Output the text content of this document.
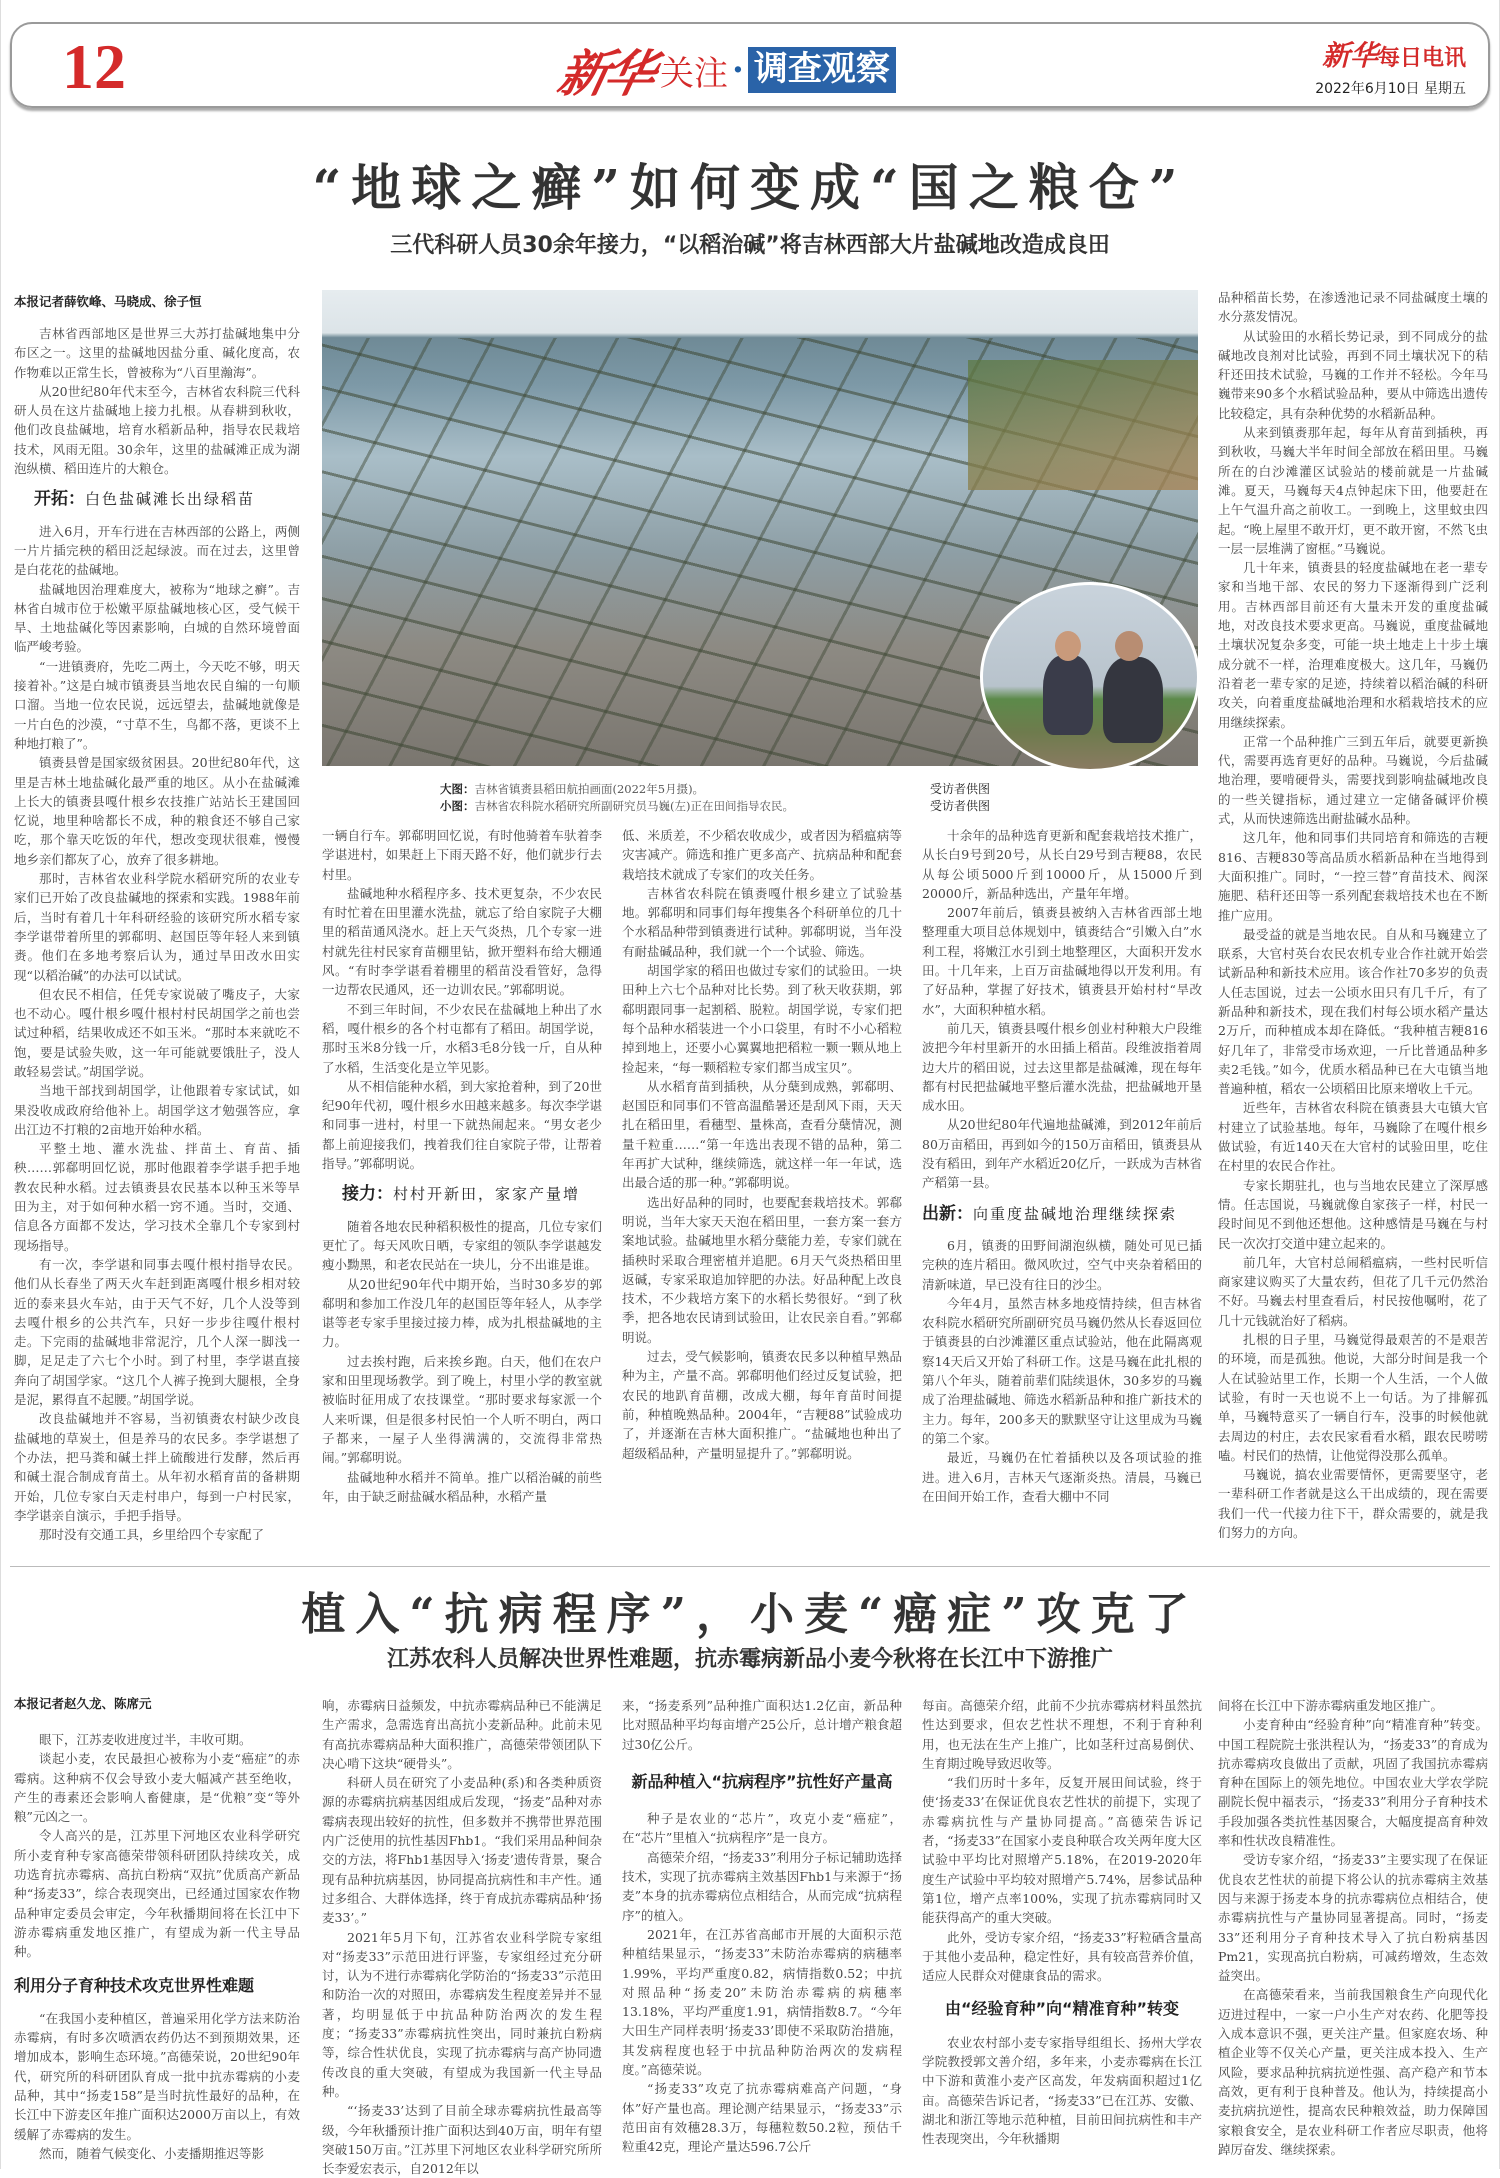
12	新华 关注 · 调查观察	新华每日电讯
2022年6月10日 星期五
“地球之癣”如何变成“国之粮仓”
三代科研人员30余年接力，“以稻治碱”将吉林西部大片盐碱地改造成良田
本报记者薛钦峰、马晓成、徐子恒

吉林省西部地区是世界三大苏打盐碱地集中分布区之一。这里的盐碱地因盐分重、碱化度高，农作物难以正常生长，曾被称为“八百里瀚海”。

从20世纪80年代末至今，吉林省农科院三代科研人员在这片盐碱地上接力扎根。从春耕到秋收，他们改良盐碱地，培育水稻新品种，指导农民栽培技术，风雨无阻。30余年，这里的盐碱滩正成为湖泡纵横、稻田连片的大粮仓。

开拓：白色盐碱滩长出绿稻苗

进入6月，开车行进在吉林西部的公路上，两侧一片片插完秧的稻田泛起绿波。而在过去，这里曾是白花花的盐碱地。

盐碱地因治理难度大，被称为“地球之癣”。吉林省白城市位于松嫩平原盐碱地核心区，受气候干旱、土地盐碱化等因素影响，白城的自然环境曾面临严峻考验。

“一进镇赉府，先吃二两土，今天吃不够，明天接着补。”这是白城市镇赉县当地农民自编的一句顺口溜。当地一位农民说，远远望去，盐碱地就像是一片白色的沙漠，“寸草不生，鸟都不落，更谈不上种地打粮了”。

镇赉县曾是国家级贫困县。20世纪80年代，这里是吉林土地盐碱化最严重的地区。从小在盐碱滩上长大的镇赉县嘎什根乡农技推广站站长王建国回忆说，地里种啥都长不成，种的粮食还不够自己家吃，那个靠天吃饭的年代，想改变现状很难，慢慢地乡亲们都灰了心，放弃了很多耕地。

那时，吉林省农业科学院水稻研究所的农业专家们已开始了改良盐碱地的探索和实践。1988年前后，当时有着几十年科研经验的该研究所水稻专家李学谌带着所里的郭郗明、赵国臣等年轻人来到镇赉。他们在多地考察后认为，通过旱田改水田实现“以稻治碱”的办法可以试试。

但农民不相信，任凭专家说破了嘴皮子，大家也不动心。嘎什根乡嘎什根村村民胡国学之前也尝试过种稻，结果收成还不如玉米。“那时本来就吃不饱，要是试验失败，这一年可能就要饿肚子，没人敢轻易尝试。”胡国学说。

当地干部找到胡国学，让他跟着专家试试，如果没收成政府给他补上。胡国学这才勉强答应，拿出江边不打粮的2亩地开始种水稻。

平整土地、灌水洗盐、拌苗土、育苗、插秧……郭郗明回忆说，那时他跟着李学谌手把手地教农民种水稻。过去镇赉县农民基本以种玉米等旱田为主，对于如何种水稻一窍不通。当时，交通、信息各方面都不发达，学习技术全靠几个专家到村现场指导。

有一次，李学谌和同事去嘎什根村指导农民。他们从长春坐了两天火车赶到距离嘎什根乡相对较近的泰来县火车站，由于天气不好，几个人没等到去嘎什根乡的公共汽车，只好一步步往嘎什根村走。下完雨的盐碱地非常泥泞，几个人深一脚浅一脚，足足走了六七个小时。到了村里，李学谌直接奔向了胡国学家。“这几个人裤子挽到大腿根，全身是泥，累得直不起腰。”胡国学说。

改良盐碱地并不容易，当初镇赉农村缺少改良盐碱地的草炭土，但是养马的农民多。李学谌想了个办法，把马粪和碱土拌上硫酸进行发酵，然后再和碱土混合制成育苗土。从年初水稻育苗的备耕期开始，几位专家白天走村串户，每到一户村民家，李学谌亲自演示，手把手指导。

那时没有交通工具，乡里给四个专家配了

大图：吉林省镇赉县稻田航拍画面(2022年5月摄)。
小图：吉林省农科院水稻研究所副研究员马巍(左)正在田间指导农民。
受访者供图
受访者供图

一辆自行车。郭郗明回忆说，有时他骑着车驮着李学谌进村，如果赶上下雨天路不好，他们就步行去村里。

盐碱地种水稻程序多、技术更复杂，不少农民有时忙着在田里灌水洗盐，就忘了给自家院子大棚里的稻苗通风浇水。赶上天气炎热，几个专家一进村就先往村民家育苗棚里钻，掀开塑料布给大棚通风。“有时李学谌看着棚里的稻苗没看管好，急得一边帮农民通风，还一边训农民。”郭郗明说。

不到三年时间，不少农民在盐碱地上种出了水稻，嘎什根乡的各个村屯都有了稻田。胡国学说，那时玉米8分钱一斤，水稻3毛8分钱一斤，自从种了水稻，生活变化是立竿见影。

从不相信能种水稻，到大家抢着种，到了20世纪90年代初，嘎什根乡水田越来越多。每次李学谌和同事一进村，村里一下就热闹起来。“男女老少都上前迎接我们，拽着我们往自家院子带，让帮着指导。”郭郗明说。

接力：村村开新田，家家产量增

随着各地农民种稻积极性的提高，几位专家们更忙了。每天风吹日晒，专家组的领队李学谌越发瘦小黝黑，和老农民站在一块儿，分不出谁是谁。

从20世纪90年代中期开始，当时30多岁的郭郗明和参加工作没几年的赵国臣等年轻人，从李学谌等老专家手里接过接力棒，成为扎根盐碱地的主力。

过去挨村跑，后来挨乡跑。白天，他们在农户家和田里现场教学。到了晚上，村里小学的教室就被临时征用成了农技课堂。“那时要求每家派一个人来听课，但是很多村民怕一个人听不明白，两口子都来，一屋子人坐得满满的，交流得非常热闹。”郭郗明说。

盐碱地种水稻并不简单。推广以稻治碱的前些年，由于缺乏耐盐碱水稻品种，水稻产量

低、米质差，不少稻农收成少，或者因为稻瘟病等灾害减产。筛选和推广更多高产、抗病品种和配套栽培技术就成了专家们的攻关任务。

吉林省农科院在镇赉嘎什根乡建立了试验基地。郭郗明和同事们每年搜集各个科研单位的几十个水稻品种带到镇赉进行试种。郭郗明说，当年没有耐盐碱品种，我们就一个一个试验、筛选。

胡国学家的稻田也做过专家们的试验田。一块田种上六七个品种对比长势。到了秋天收获期，郭郗明跟同事一起割稻、脱粒。胡国学说，专家们把每个品种水稻装进一个小口袋里，有时不小心稻粒掉到地上，还要小心翼翼地把稻粒一颗一颗从地上捡起来，“每一颗稻粒专家们都当成宝贝”。

从水稻育苗到插秧，从分蘖到成熟，郭郗明、赵国臣和同事们不管高温酷暑还是刮风下雨，天天扎在稻田里，看穗型、量株高，查看分蘖情况，测量千粒重……“第一年选出表现不错的品种，第二年再扩大试种，继续筛选，就这样一年一年试，选出最合适的那一种。”郭郗明说。

选出好品种的同时，也要配套栽培技术。郭郗明说，当年大家天天泡在稻田里，一套方案一套方案地试验。盐碱地里水稻分蘖能力差，专家们就在插秧时采取合理密植并追肥。6月天气炎热稻田里返碱，专家采取追加锌肥的办法。好品种配上改良技术，不少栽培方案下的水稻长势很好。“到了秋季，把各地农民请到试验田，让农民亲自看。”郭郗明说。

过去，受气候影响，镇赉农民多以种植早熟品种为主，产量不高。郭郗明他们经过反复试验，把农民的地趴育苗棚，改成大棚，每年育苗时间提前，种植晚熟品种。2004年，“吉粳88”试验成功了，并逐渐在吉林大面积推广。“盐碱地也种出了超级稻品种，产量明显提升了。”郭郗明说。

十余年的品种选育更新和配套栽培技术推广，从长白9号到20号，从长白29号到吉粳88，农民从每公顷5000斤到10000斤，从15000斤到20000斤，新品种选出，产量年年增。

2007年前后，镇赉县被纳入吉林省西部土地整理重大项目总体规划中，镇赉结合“引嫩入白”水利工程，将嫩江水引到土地整理区，大面积开发水田。十几年来，上百万亩盐碱地得以开发利用。有了好品种，掌握了好技术，镇赉县开始村村“旱改水”，大面积种植水稻。

前几天，镇赉县嘎什根乡创业村种粮大户段维波把今年村里新开的水田插上稻苗。段维波指着周边大片的稻田说，过去这里都是盐碱滩，现在每年都有村民把盐碱地平整后灌水洗盐，把盐碱地开垦成水田。

从20世纪80年代遍地盐碱滩，到2012年前后80万亩稻田，再到如今的150万亩稻田，镇赉县从没有稻田，到年产水稻近20亿斤，一跃成为吉林省产稻第一县。

出新：向重度盐碱地治理继续探索

6月，镇赉的田野间湖泡纵横，随处可见已插完秧的连片稻田。微风吹过，空气中夹杂着稻田的清新味道，早已没有往日的沙尘。

今年4月，虽然吉林多地疫情持续，但吉林省农科院水稻研究所副研究员马巍仍然从长春返回位于镇赉县的白沙滩灌区重点试验站，他在此隔离观察14天后又开始了科研工作。这是马巍在此扎根的第八个年头，随着前辈们陆续退休，30多岁的马巍成了治理盐碱地、筛选水稻新品种和推广新技术的主力。每年，200多天的默默坚守让这里成为马巍的第二个家。

最近，马巍仍在忙着插秧以及各项试验的推进。进入6月，吉林天气逐渐炎热。清晨，马巍已在田间开始工作，查看大棚中不同

品种稻苗长势，在渗透池记录不同盐碱度土壤的水分蒸发情况。

从试验田的水稻长势记录，到不同成分的盐碱地改良剂对比试验，再到不同土壤状况下的秸秆还田技术试验，马巍的工作并不轻松。今年马巍带来90多个水稻试验品种，要从中筛选出遗传比较稳定，具有杂种优势的水稻新品种。

从来到镇赉那年起，每年从育苗到插秧，再到秋收，马巍大半年时间全部放在稻田里。马巍所在的白沙滩灌区试验站的楼前就是一片盐碱滩。夏天，马巍每天4点钟起床下田，他要赶在上午气温升高之前收工。一到晚上，这里蚊虫四起。“晚上屋里不敢开灯，更不敢开窗，不然飞虫一层一层堆满了窗框。”马巍说。

几十年来，镇赉县的轻度盐碱地在老一辈专家和当地干部、农民的努力下逐渐得到广泛利用。吉林西部目前还有大量未开发的重度盐碱地，对改良技术要求更高。马巍说，重度盐碱地土壤状况复杂多变，可能一块土地走上十步土壤成分就不一样，治理难度极大。这几年，马巍仍沿着老一辈专家的足迹，持续着以稻治碱的科研攻关，向着重度盐碱地治理和水稻栽培技术的应用继续探索。

正常一个品种推广三到五年后，就要更新换代，需要再选育更好的品种。马巍说，今后盐碱地治理，要啃硬骨头，需要找到影响盐碱地改良的一些关键指标，通过建立一定储备碱评价模式，从而快速筛选出耐盐碱水品种。

这几年，他和同事们共同培育和筛选的吉粳816、吉粳830等高品质水稻新品种在当地得到大面积推广。同时，“一控三替”育苗技术、阀深施肥、秸秆还田等一系列配套栽培技术也在不断推广应用。

最受益的就是当地农民。自从和马巍建立了联系，大官村英台农民农机专业合作社就开始尝试新品种和新技术应用。该合作社70多岁的负责人任志国说，过去一公顷水田只有几千斤，有了新品种和新技术，现在我们村每公顷水稻产量达2万斤，而种植成本却在降低。“我种植吉粳816好几年了，非常受市场欢迎，一斤比普通品种多卖2毛钱。”如今，优质水稻品种已在大屯镇当地普遍种植，稻农一公顷稻田比原来增收上千元。

近些年，吉林省农科院在镇赉县大屯镇大官村建立了试验基地。每年，马巍除了在嘎什根乡做试验，有近140天在大官村的试验田里，吃住在村里的农民合作社。

专家长期驻扎，也与当地农民建立了深厚感情。任志国说，马巍就像自家孩子一样，村民一段时间见不到他还想他。这种感情是马巍在与村民一次次打交道中建立起来的。

前几年，大官村总闹稻瘟病，一些村民听信商家建议购买了大量农药，但花了几千元仍然治不好。马巍去村里查看后，村民按他嘱咐，花了几十元钱就治好了稻病。

扎根的日子里，马巍觉得最艰苦的不是艰苦的环境，而是孤独。他说，大部分时间是我一个人在试验站里工作，长期一个人生活，一个人做试验，有时一天也说不上一句话。为了排解孤单，马巍特意买了一辆自行车，没事的时候他就去周边的村庄，去农民家看看水稻，跟农民唠唠嗑。村民们的热情，让他觉得没那么孤单。

马巍说，搞农业需要情怀，更需要坚守，老一辈科研工作者就是这么干出成绩的，现在需要我们一代一代接力往下干，群众需要的，就是我们努力的方向。

植入“抗病程序”，小麦“癌症”攻克了
江苏农科人员解决世界性难题，抗赤霉病新品小麦今秋将在长江中下游推广
本报记者赵久龙、陈席元

眼下，江苏麦收进度过半，丰收可期。

谈起小麦，农民最担心被称为小麦“癌症”的赤霉病。这种病不仅会导致小麦大幅减产甚至绝收，产生的毒素还会影响人畜健康，是“优粮”变“等外粮”元凶之一。

令人高兴的是，江苏里下河地区农业科学研究所小麦育种专家高德荣带领科研团队持续攻关，成功选育抗赤霉病、高抗白粉病“双抗”优质高产新品种“扬麦33”，综合表现突出，已经通过国家农作物品种审定委员会审定，今年秋播期间将在长江中下游赤霉病重发地区推广，有望成为新一代主导品种。

利用分子育种技术攻克世界性难题

“在我国小麦种植区，普遍采用化学方法来防治赤霉病，有时多次喷洒农药仍达不到预期效果，还增加成本，影响生态环境。”高德荣说，20世纪90年代，研究所的科研团队育成一批中抗赤霉病的小麦品种，其中“扬麦158”是当时抗性最好的品种，在长江中下游麦区年推广面积达2000万亩以上，有效缓解了赤霉病的发生。

然而，随着气候变化、小麦播期推迟等影

响，赤霉病日益频发，中抗赤霉病品种已不能满足生产需求，急需选育出高抗小麦新品种。此前未见有高抗赤霉病品种大面积推广，高德荣带领团队下决心啃下这块“硬骨头”。

科研人员在研究了小麦品种(系)和各类种质资源的赤霉病抗病基因组成后发现，“扬麦”品种对赤霉病表现出较好的抗性，但多数并不携带世界范围内广泛使用的抗性基因Fhb1。“我们采用品种间杂交的方法，将Fhb1基因导入‘扬麦’遗传背景，聚合现有品种抗病基因，协同提高抗病性和丰产性。通过多组合、大群体选择，终于育成抗赤霉病品种‘扬麦33’。”

2021年5月下旬，江苏省农业科学院专家组对“扬麦33”示范田进行评鉴，专家组经过充分研讨，认为不进行赤霉病化学防治的“扬麦33”示范田和防治一次的对照田，赤霉病发生程度差异并不显著，均明显低于中抗品种防治两次的发生程度；“扬麦33”赤霉病抗性突出，同时兼抗白粉病等，综合性状优良，实现了抗赤霉病与高产协同遗传改良的重大突破，有望成为我国新一代主导品种。

“‘扬麦33’达到了目前全球赤霉病抗性最高等级，今年秋播预计推广面积达到40万亩，明年有望突破150万亩。”江苏里下河地区农业科学研究所所长李爱宏表示，自2012年以

来，“扬麦系列”品种推广面积达1.2亿亩，新品种比对照品种平均每亩增产25公斤，总计增产粮食超过30亿公斤。

新品种植入“抗病程序”抗性好产量高

种子是农业的“芯片”，攻克小麦“癌症”，在“芯片”里植入“抗病程序”是一良方。

高德荣介绍，“扬麦33”利用分子标记辅助选择技术，实现了抗赤霉病主效基因Fhb1与来源于“扬麦”本身的抗赤霉病位点相结合，从而完成“抗病程序”的植入。

2021年，在江苏省高邮市开展的大面积示范种植结果显示，“扬麦33”未防治赤霉病的病穗率1.99%，平均严重度0.82，病情指数0.52；中抗对照品种“扬麦20”未防治赤霉病的病穗率13.18%，平均严重度1.91，病情指数8.7。“今年大田生产同样表明‘扬麦33’即使不采取防治措施，其发病程度也轻于中抗品种防治两次的发病程度。”高德荣说。

“扬麦33”攻克了抗赤霉病难高产问题，“身体”好产量也高。理论测产结果显示，“扬麦33”示范田亩有效穗28.3万，每穗粒数50.2粒，预估千粒重42克，理论产量达596.7公斤

每亩。高德荣介绍，此前不少抗赤霉病材料虽然抗性达到要求，但农艺性状不理想，不利于育种利用，也无法在生产上推广，比如茎秆过高易倒伏、生育期过晚导致迟收等。

“我们历时十多年，反复开展田间试验，终于使‘扬麦33’在保证优良农艺性状的前提下，实现了赤霉病抗性与产量协同提高。”高德荣告诉记者，“扬麦33”在国家小麦良种联合攻关两年度大区试验中平均比对照增产5.18%，在2019-2020年度生产试验中平均较对照增产5.74%，居参试品种第1位，增产点率100%，实现了抗赤霉病同时又能获得高产的重大突破。

此外，受访专家介绍，“扬麦33”籽粒硒含量高于其他小麦品种，稳定性好，具有较高营养价值，适应人民群众对健康食品的需求。

由“经验育种”向“精准育种”转变

农业农村部小麦专家指导组组长、扬州大学农学院教授郭文善介绍，多年来，小麦赤霉病在长江中下游和黄淮小麦产区高发，年发病面积超过1亿亩。高德荣告诉记者，“扬麦33”已在江苏、安徽、湖北和浙江等地示范种植，目前田间抗病性和丰产性表现突出，今年秋播期

间将在长江中下游赤霉病重发地区推广。

小麦育种由“经验育种”向“精准育种”转变。中国工程院院士张洪程认为，“扬麦33”的育成为抗赤霉病攻良做出了贡献，巩固了我国抗赤霉病育种在国际上的领先地位。中国农业大学农学院副院长倪中福表示，“扬麦33”利用分子育种技术手段加强各类抗性基因聚合，大幅度提高育种效率和性状改良精准性。

受访专家介绍，“扬麦33”主要实现了在保证优良农艺性状的前提下将公认的抗赤霉病主效基因与来源于扬麦本身的抗赤霉病位点相结合，使赤霉病抗性与产量协同显著提高。同时，“扬麦33”还利用分子育种技术导入了抗白粉病基因Pm21，实现高抗白粉病，可减药增效，生态效益突出。

在高德荣看来，当前我国粮食生产向现代化迈进过程中，一家一户小生产对农药、化肥等投入成本意识不强，更关注产量。但家庭农场、种植企业等不仅关心产量，更关注成本投入、生产风险，要求品种抗病抗逆性强、高产稳产和节本高效，更有利于良种普及。他认为，持续提高小麦抗病抗逆性，提高农民种粮效益，助力保障国家粮食安全，是农业科研工作者应尽职责，他将踔厉奋发、继续探索。
